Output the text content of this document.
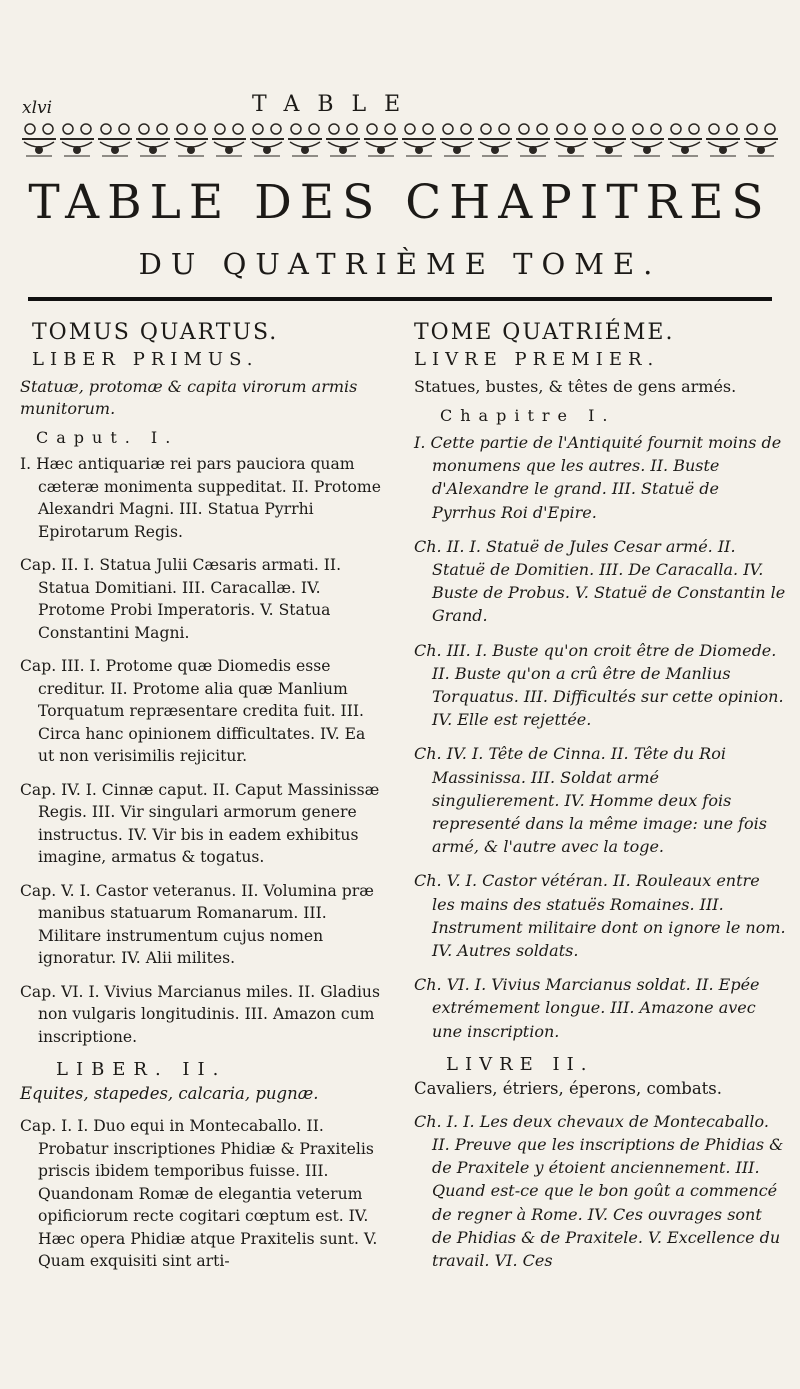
xlvi	TABLE
TABLE DES CHAPITRES
DU QUATRIÈME TOME.
TOMUS QUARTUS.
LIBER PRIMUS.
Statuæ, protomæ & capita virorum armis munitorum.
Caput. I.
I. Hæc antiquariæ rei pars pauciora quam cæteræ monimenta suppeditat. II. Protome Alexandri Magni. III. Statua Pyrrhi Epirotarum Regis.
Cap. II. I. Statua Julii Cæsaris armati. II. Statua Domitiani. III. Caracallæ. IV. Protome Probi Imperatoris. V. Statua Constantini Magni.
Cap. III. I. Protome quæ Diomedis esse creditur. II. Protome alia quæ Manlium Torquatum repræsentare credita fuit. III. Circa hanc opinionem difficultates. IV. Ea ut non verisimilis rejicitur.
Cap. IV. I. Cinnæ caput. II. Caput Massinissæ Regis. III. Vir singulari armorum genere instructus. IV. Vir bis in eadem exhibitus imagine, armatus & togatus.
Cap. V. I. Castor veteranus. II. Volumina præ manibus statuarum Romanarum. III. Militare instrumentum cujus nomen ignoratur. IV. Alii milites.
Cap. VI. I. Vivius Marcianus miles. II. Gladius non vulgaris longitudinis. III. Amazon cum inscriptione.
LIBER. II.
Equites, stapedes, calcaria, pugnæ.
Cap. I. I. Duo equi in Montecaballo. II. Probatur inscriptiones Phidiæ & Praxitelis priscis ibidem temporibus fuisse. III. Quandonam Romæ de elegantia veterum opificiorum recte cogitari cœptum est. IV. Hæc opera Phidiæ atque Praxitelis sunt. V. Quam exquisiti sint arti-
TOME QUATRIÉME.
LIVRE PREMIER.
Statues, bustes, & têtes de gens armés.
Chapitre I.
I. Cette partie de l'Antiquité fournit moins de monumens que les autres. II. Buste d'Alexandre le grand. III. Statuë de Pyrrhus Roi d'Epire.
Ch. II. I. Statuë de Jules Cesar armé. II. Statuë de Domitien. III. De Caracalla. IV. Buste de Probus. V. Statuë de Constantin le Grand.
Ch. III. I. Buste qu'on croit être de Diomede. II. Buste qu'on a crû être de Manlius Torquatus. III. Difficultés sur cette opinion. IV. Elle est rejettée.
Ch. IV. I. Tête de Cinna. II. Tête du Roi Massinissa. III. Soldat armé singulierement. IV. Homme deux fois representé dans la même image: une fois armé, & l'autre avec la toge.
Ch. V. I. Castor vétéran. II. Rouleaux entre les mains des statuës Romaines. III. Instrument militaire dont on ignore le nom. IV. Autres soldats.
Ch. VI. I. Vivius Marcianus soldat. II. Epée extrémement longue. III. Amazone avec une inscription.
LIVRE II.
Cavaliers, étriers, éperons, combats.
Ch. I. I. Les deux chevaux de Montecaballo. II. Preuve que les inscriptions de Phidias & de Praxitele y étoient anciennement. III. Quand est-ce que le bon goût a commencé de regner à Rome. IV. Ces ouvrages sont de Phidias & de Praxitele. V. Excellence du travail. VI. Ces
